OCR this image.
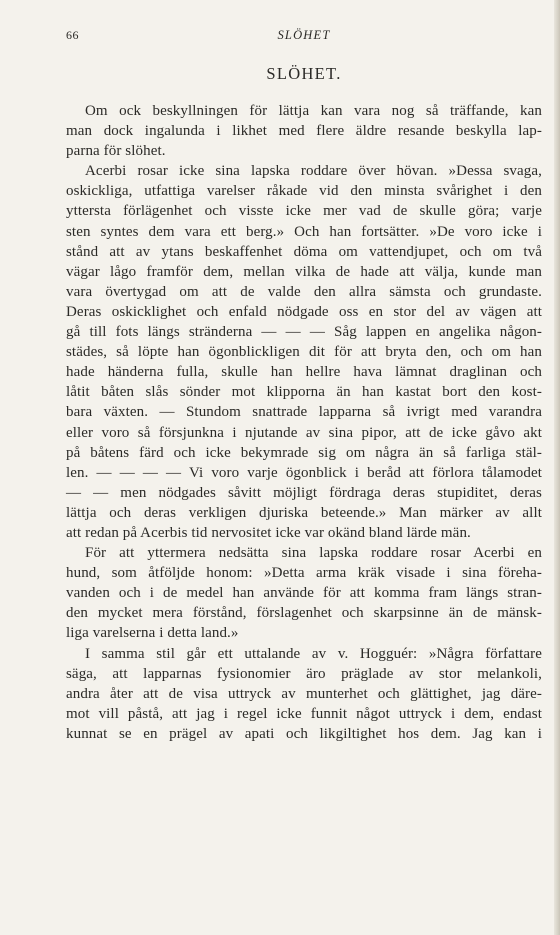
66	SLÖHET
SLÖHET.
Om ock beskyllningen för lättja kan vara nog så träffande, kan
man dock ingalunda i likhet med flere äldre resande beskylla lap-
parna för slöhet.
Acerbi rosar icke sina lapska roddare över hövan. »Dessa svaga,
oskickliga, utfattiga varelser råkade vid den minsta svårighet i den
yttersta förlägenhet och visste icke mer vad de skulle göra; varje
sten syntes dem vara ett berg.» Och han fortsätter. »De voro icke i
stånd att av ytans beskaffenhet döma om vattendjupet, och om två
vägar lågo framför dem, mellan vilka de hade att välja, kunde man
vara övertygad om att de valde den allra sämsta och grundaste.
Deras oskicklighet och enfald nödgade oss en stor del av vägen att
gå till fots längs stränderna — — — Såg lappen en angelika någon-
städes, så löpte han ögonblickligen dit för att bryta den, och om han
hade händerna fulla, skulle han hellre hava lämnat draglinan och
låtit båten slås sönder mot klipporna än han kastat bort den kost-
bara växten. — Stundom snattrade lapparna så ivrigt med varandra
eller voro så försjunkna i njutande av sina pipor, att de icke gåvo akt
på båtens färd och icke bekymrade sig om några än så farliga stäl-
len. — — — — Vi voro varje ögonblick i beråd att förlora tålamodet
— — men nödgades såvitt möjligt fördraga deras stupiditet, deras
lättja och deras verkligen djuriska beteende.» Man märker av allt
att redan på Acerbis tid nervositet icke var okänd bland lärde män.
För att yttermera nedsätta sina lapska roddare rosar Acerbi en
hund, som åtföljde honom: »Detta arma kräk visade i sina föreha-
vanden och i de medel han använde för att komma fram längs stran-
den mycket mera förstånd, förslagenhet och skarpsinne än de mänsk-
liga varelserna i detta land.»
I samma stil går ett uttalande av v. Hogguér: »Några författare
säga, att lapparnas fysionomier äro präglade av stor melankoli,
andra åter att de visa uttryck av munterhet och glättighet, jag däre-
mot vill påstå, att jag i regel icke funnit något uttryck i dem, endast
kunnat se en prägel av apati och likgiltighet hos dem. Jag kan i
